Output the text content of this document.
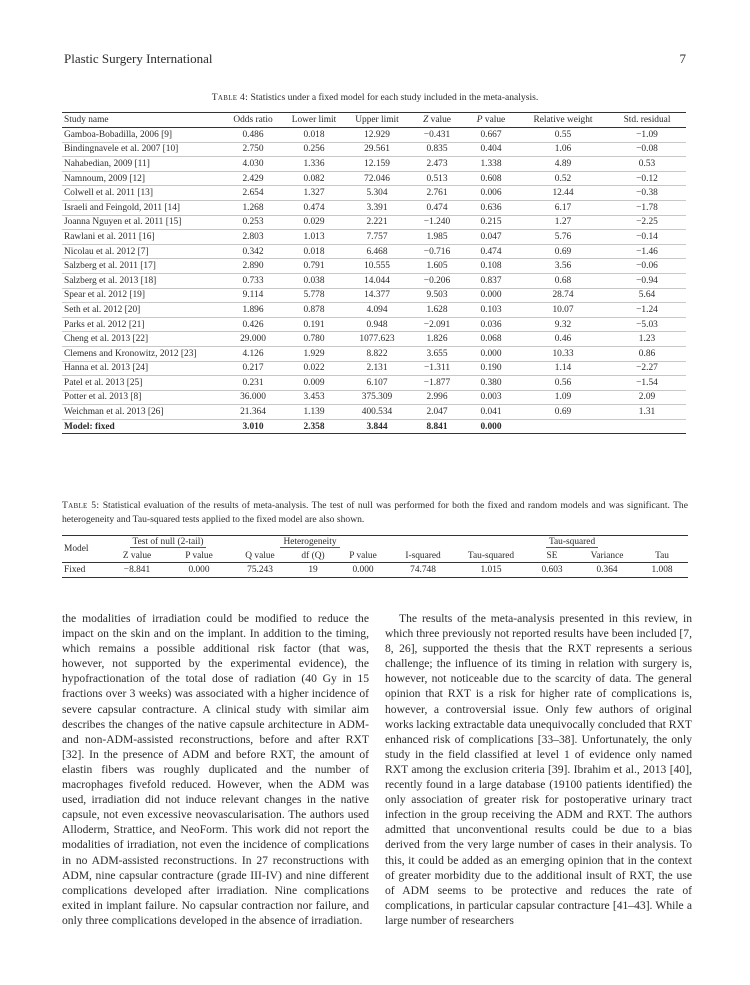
Plastic Surgery International	7
Table 4: Statistics under a fixed model for each study included in the meta-analysis.
Study name	Odds ratio	Lower limit	Upper limit	Z value	P value	Relative weight	Std. residual
Gamboa-Bobadilla, 2006 [9]	0.486	0.018	12.929	−0.431	0.667	0.55	−1.09
Bindingnavele et al. 2007 [10]	2.750	0.256	29.561	0.835	0.404	1.06	−0.08
Nahabedian, 2009 [11]	4.030	1.336	12.159	2.473	1.338	4.89	0.53
Namnoum, 2009 [12]	2.429	0.082	72.046	0.513	0.608	0.52	−0.12
Colwell et al. 2011 [13]	2.654	1.327	5.304	2.761	0.006	12.44	−0.38
Israeli and Feingold, 2011 [14]	1.268	0.474	3.391	0.474	0.636	6.17	−1.78
Joanna Nguyen et al. 2011 [15]	0.253	0.029	2.221	−1.240	0.215	1.27	−2.25
Rawlani et al. 2011 [16]	2.803	1.013	7.757	1.985	0.047	5.76	−0.14
Nicolau et al. 2012 [7]	0.342	0.018	6.468	−0.716	0.474	0.69	−1.46
Salzberg et al. 2011 [17]	2.890	0.791	10.555	1.605	0.108	3.56	−0.06
Salzberg et al. 2013 [18]	0.733	0.038	14.044	−0.206	0.837	0.68	−0.94
Spear et al. 2012 [19]	9.114	5.778	14.377	9.503	0.000	28.74	5.64
Seth et al. 2012 [20]	1.896	0.878	4.094	1.628	0.103	10.07	−1.24
Parks et al. 2012 [21]	0.426	0.191	0.948	−2.091	0.036	9.32	−5.03
Cheng et al. 2013 [22]	29.000	0.780	1077.623	1.826	0.068	0.46	1.23
Clemens and Kronowitz, 2012 [23]	4.126	1.929	8.822	3.655	0.000	10.33	0.86
Hanna et al. 2013 [24]	0.217	0.022	2.131	−1.311	0.190	1.14	−2.27
Patel et al. 2013 [25]	0.231	0.009	6.107	−1.877	0.380	0.56	−1.54
Potter et al. 2013 [8]	36.000	3.453	375.309	2.996	0.003	1.09	2.09
Weichman et al. 2013 [26]	21.364	1.139	400.534	2.047	0.041	0.69	1.31
Model: fixed	3.010	2.358	3.844	8.841	0.000		
Table 5: Statistical evaluation of the results of meta-analysis. The test of null was performed for both the fixed and random models and was significant. The heterogeneity and Tau-squared tests applied to the fixed model are also shown.
Model	Test of null (2-tail)		Heterogeneity				Tau-squared			
	Z value	P value	Q value	df (Q)	P value	I-squared	Tau-squared	SE	Variance	Tau
Fixed	−8.841	0.000	75.243	19	0.000	74.748	1.015	0.603	0.364	1.008

the modalities of irradiation could be modified to reduce the impact on the skin and on the implant. In addition to the timing, which remains a possible additional risk factor (that was, however, not supported by the experimental evidence), the hypofractionation of the total dose of radiation (40 Gy in 15 fractions over 3 weeks) was associated with a higher incidence of severe capsular contracture. A clinical study with similar aim describes the changes of the native capsule architecture in ADM- and non-ADM-assisted reconstructions, before and after RXT [32]. In the presence of ADM and before RXT, the amount of elastin fibers was roughly duplicated and the number of macrophages fivefold reduced. However, when the ADM was used, irradiation did not induce relevant changes in the native capsule, not even excessive neovascularisation. The authors used Alloderm, Strattice, and NeoForm. This work did not report the modalities of irradiation, not even the incidence of complications in no ADM-assisted reconstructions. In 27 reconstructions with ADM, nine capsular contracture (grade III-IV) and nine different complications developed after irradiation. Nine complications exited in implant failure. No capsular contraction nor failure, and only three complications developed in the absence of irradiation.

The results of the meta-analysis presented in this review, in which three previously not reported results have been included [7, 8, 26], supported the thesis that the RXT represents a serious challenge; the influence of its timing in relation with surgery is, however, not noticeable due to the scarcity of data. The general opinion that RXT is a risk for higher rate of complications is, however, a controversial issue. Only few authors of original works lacking extractable data unequivocally concluded that RXT enhanced risk of complications [33–38]. Unfortunately, the only study in the field classified at level 1 of evidence only named RXT among the exclusion criteria [39]. Ibrahim et al., 2013 [40], recently found in a large database (19100 patients identified) the only association of greater risk for postoperative urinary tract infection in the group receiving the ADM and RXT. The authors admitted that unconventional results could be due to a bias derived from the very large number of cases in their analysis. To this, it could be added as an emerging opinion that in the context of greater morbidity due to the additional insult of RXT, the use of ADM seems to be protective and reduces the rate of complications, in particular capsular contracture [41–43]. While a large number of researchers
